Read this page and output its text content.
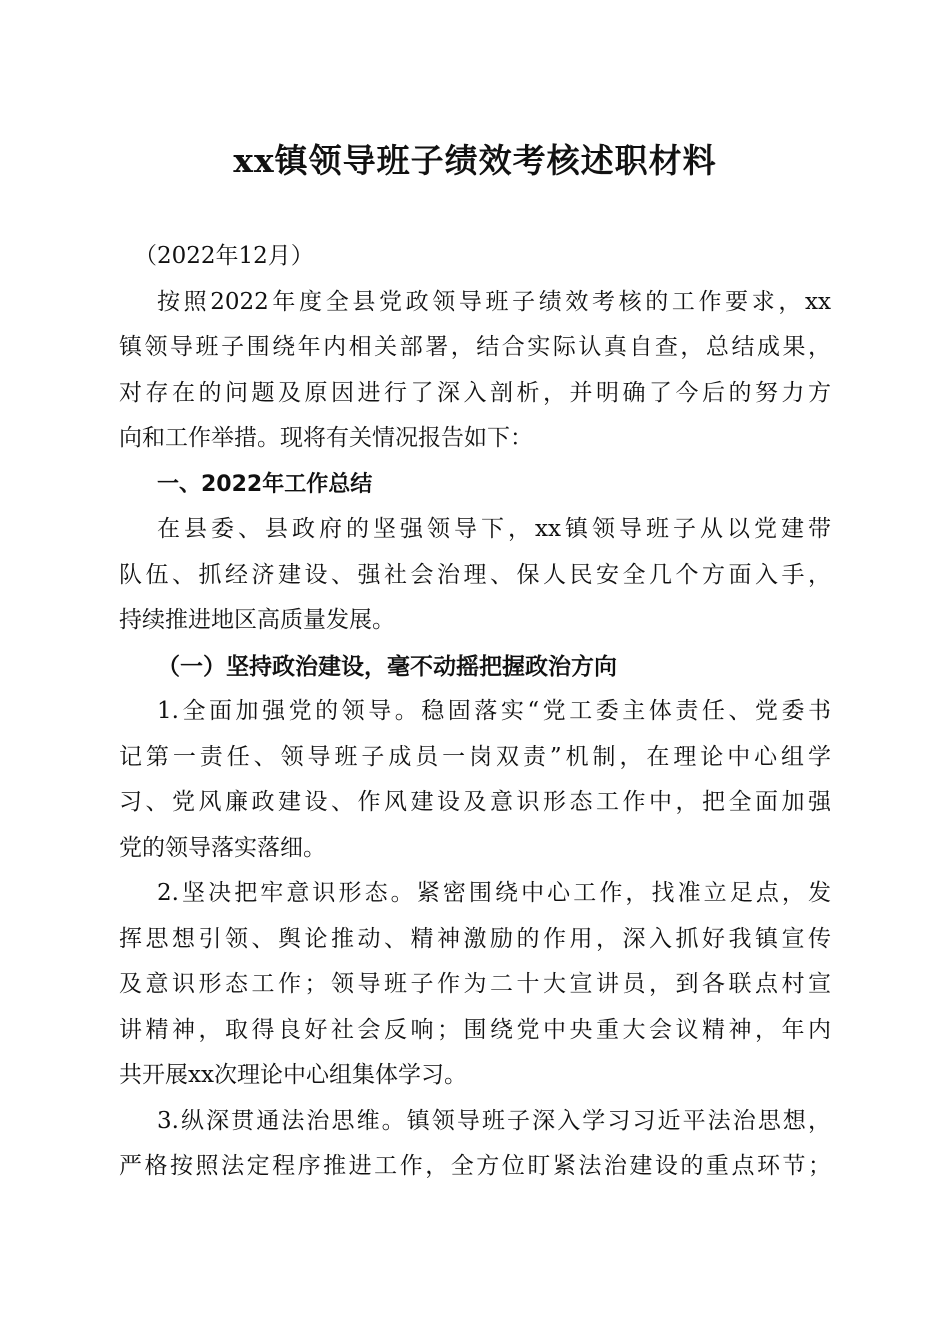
xx镇领导班子绩效考核述职材料

（2022年12月）

按照2022年度全县党政领导班子绩效考核的工作要求，xx

镇领导班子围绕年内相关部署，结合实际认真自查，总结成果，

对存在的问题及原因进行了深入剖析，并明确了今后的努力方

向和工作举措。现将有关情况报告如下：

一、2022年工作总结

在县委、县政府的坚强领导下，xx镇领导班子从以党建带

队伍、抓经济建设、强社会治理、保人民安全几个方面入手，

持续推进地区高质量发展。

（一）坚持政治建设，毫不动摇把握政治方向

1.全面加强党的领导。稳固落实“党工委主体责任、党委书

记第一责任、领导班子成员一岗双责”机制，在理论中心组学

习、党风廉政建设、作风建设及意识形态工作中，把全面加强

党的领导落实落细。

2.坚决把牢意识形态。紧密围绕中心工作，找准立足点，发

挥思想引领、舆论推动、精神激励的作用，深入抓好我镇宣传

及意识形态工作；领导班子作为二十大宣讲员，到各联点村宣

讲精神，取得良好社会反响；围绕党中央重大会议精神，年内

共开展xx次理论中心组集体学习。

3.纵深贯通法治思维。镇领导班子深入学习习近平法治思想，

严格按照法定程序推进工作，全方位盯紧法治建设的重点环节；
